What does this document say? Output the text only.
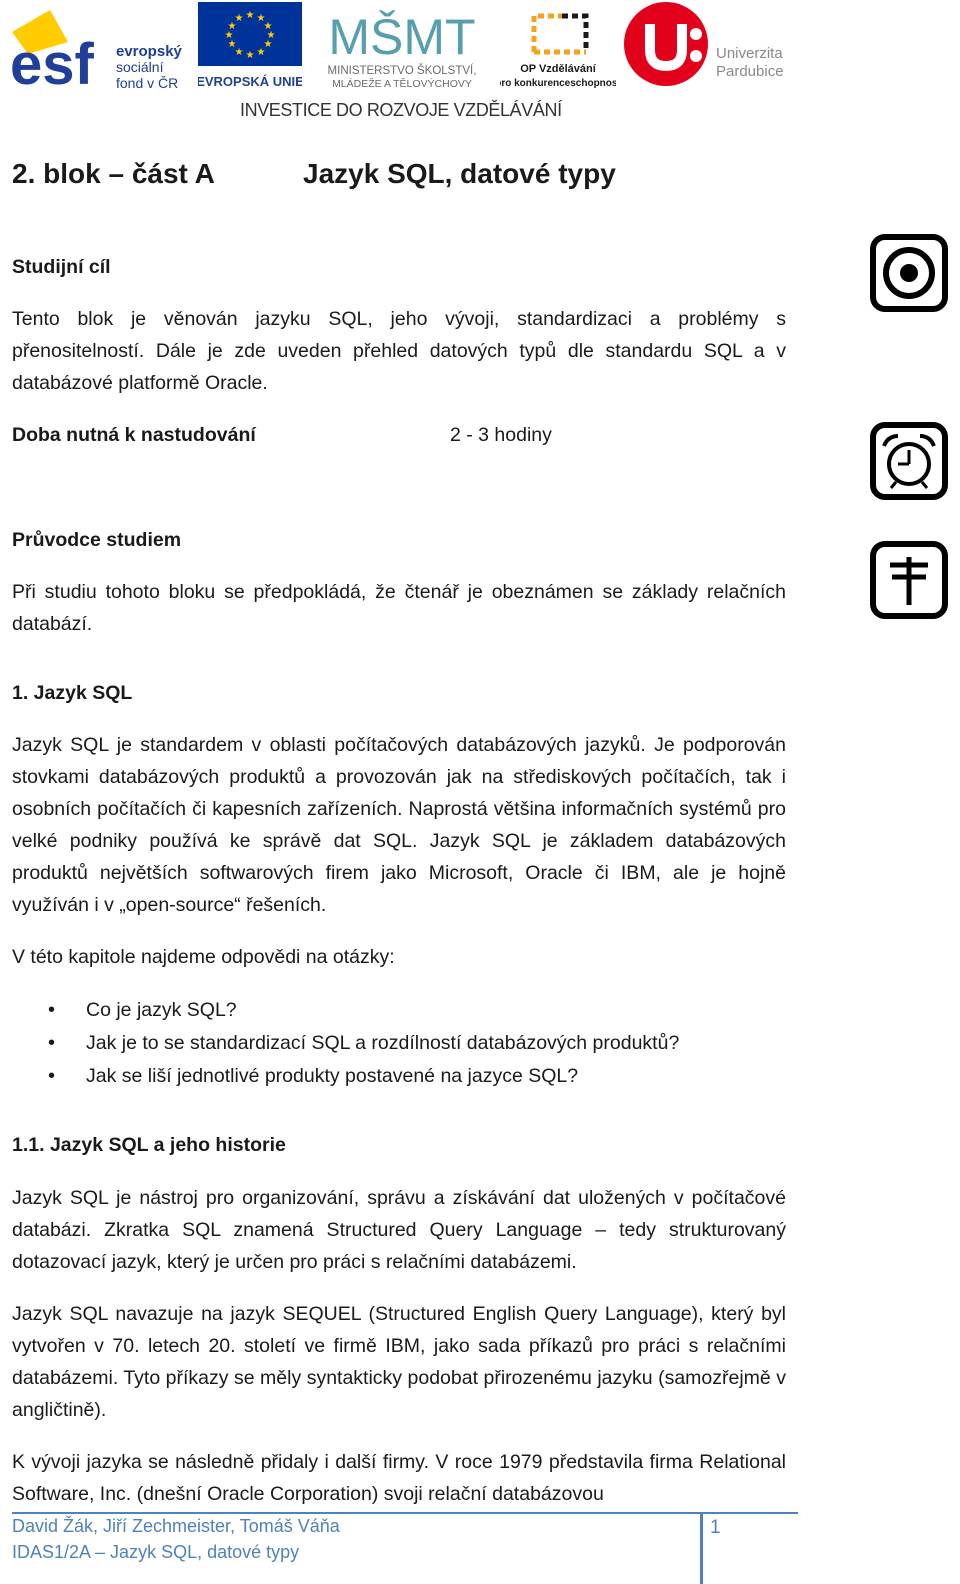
esf evropský
sociální
fond v ČR
★ ★
★
★
★
★
★
★
★
★
★
★
EVROPSKÁ UNIE
MŠMT
MINISTERSTVO ŠKOLSTVÍ,
MLÁDEŽE A TĚLOVÝCHOVY
OP Vzdělávání
pro konkurenceschopnost
Univerzita
Pardubice
INVESTICE DO ROZVOJE VZDĚLÁVÁNÍ
2. blok – část A	Jazyk SQL, datové typy
Studijní cíl
Tento blok je věnován jazyku SQL, jeho vývoji, standardizaci a problémy s přenositelností. Dále je zde uveden přehled datových typů dle standardu SQL a v databázové platformě Oracle.
Doba nutná k nastudování	2 - 3 hodiny
Průvodce studiem
Při studiu tohoto bloku se předpokládá, že čtenář je obeznámen se základy relačních databází.
1. Jazyk SQL
Jazyk SQL je standardem v oblasti počítačových databázových jazyků. Je podporován stovkami databázových produktů a provozován jak na střediskových počítačích, tak i osobních počítačích či kapesních zařízeních. Naprostá většina informačních systémů pro velké podniky používá ke správě dat SQL. Jazyk SQL je základem databázových produktů největších softwarových firem jako Microsoft, Oracle či IBM, ale je hojně využíván i v „open-source“ řešeních.
V této kapitole najdeme odpovědi na otázky:
• Co je jazyk SQL?
• Jak je to se standardizací SQL a rozdílností databázových produktů?
• Jak se liší jednotlivé produkty postavené na jazyce SQL?
1.1. Jazyk SQL a jeho historie
Jazyk SQL je nástroj pro organizování, správu a získávání dat uložených v počítačové databázi. Zkratka SQL znamená Structured Query Language – tedy strukturovaný dotazovací jazyk, který je určen pro práci s relačními databázemi.
Jazyk SQL navazuje na jazyk SEQUEL (Structured English Query Language), který byl vytvořen v 70. letech 20. století ve firmě IBM, jako sada příkazů pro práci s relačními databázemi. Tyto příkazy se měly syntakticky podobat přirozenému jazyku (samozřejmě v angličtině).
K vývoji jazyka se následně přidaly i další firmy. V roce 1979 představila firma Relational Software, Inc. (dnešní Oracle Corporation) svoji relační databázovou
David Žák, Jiří Zechmeister, Tomáš Váňa
IDAS1/2A – Jazyk SQL, datové typy
1
